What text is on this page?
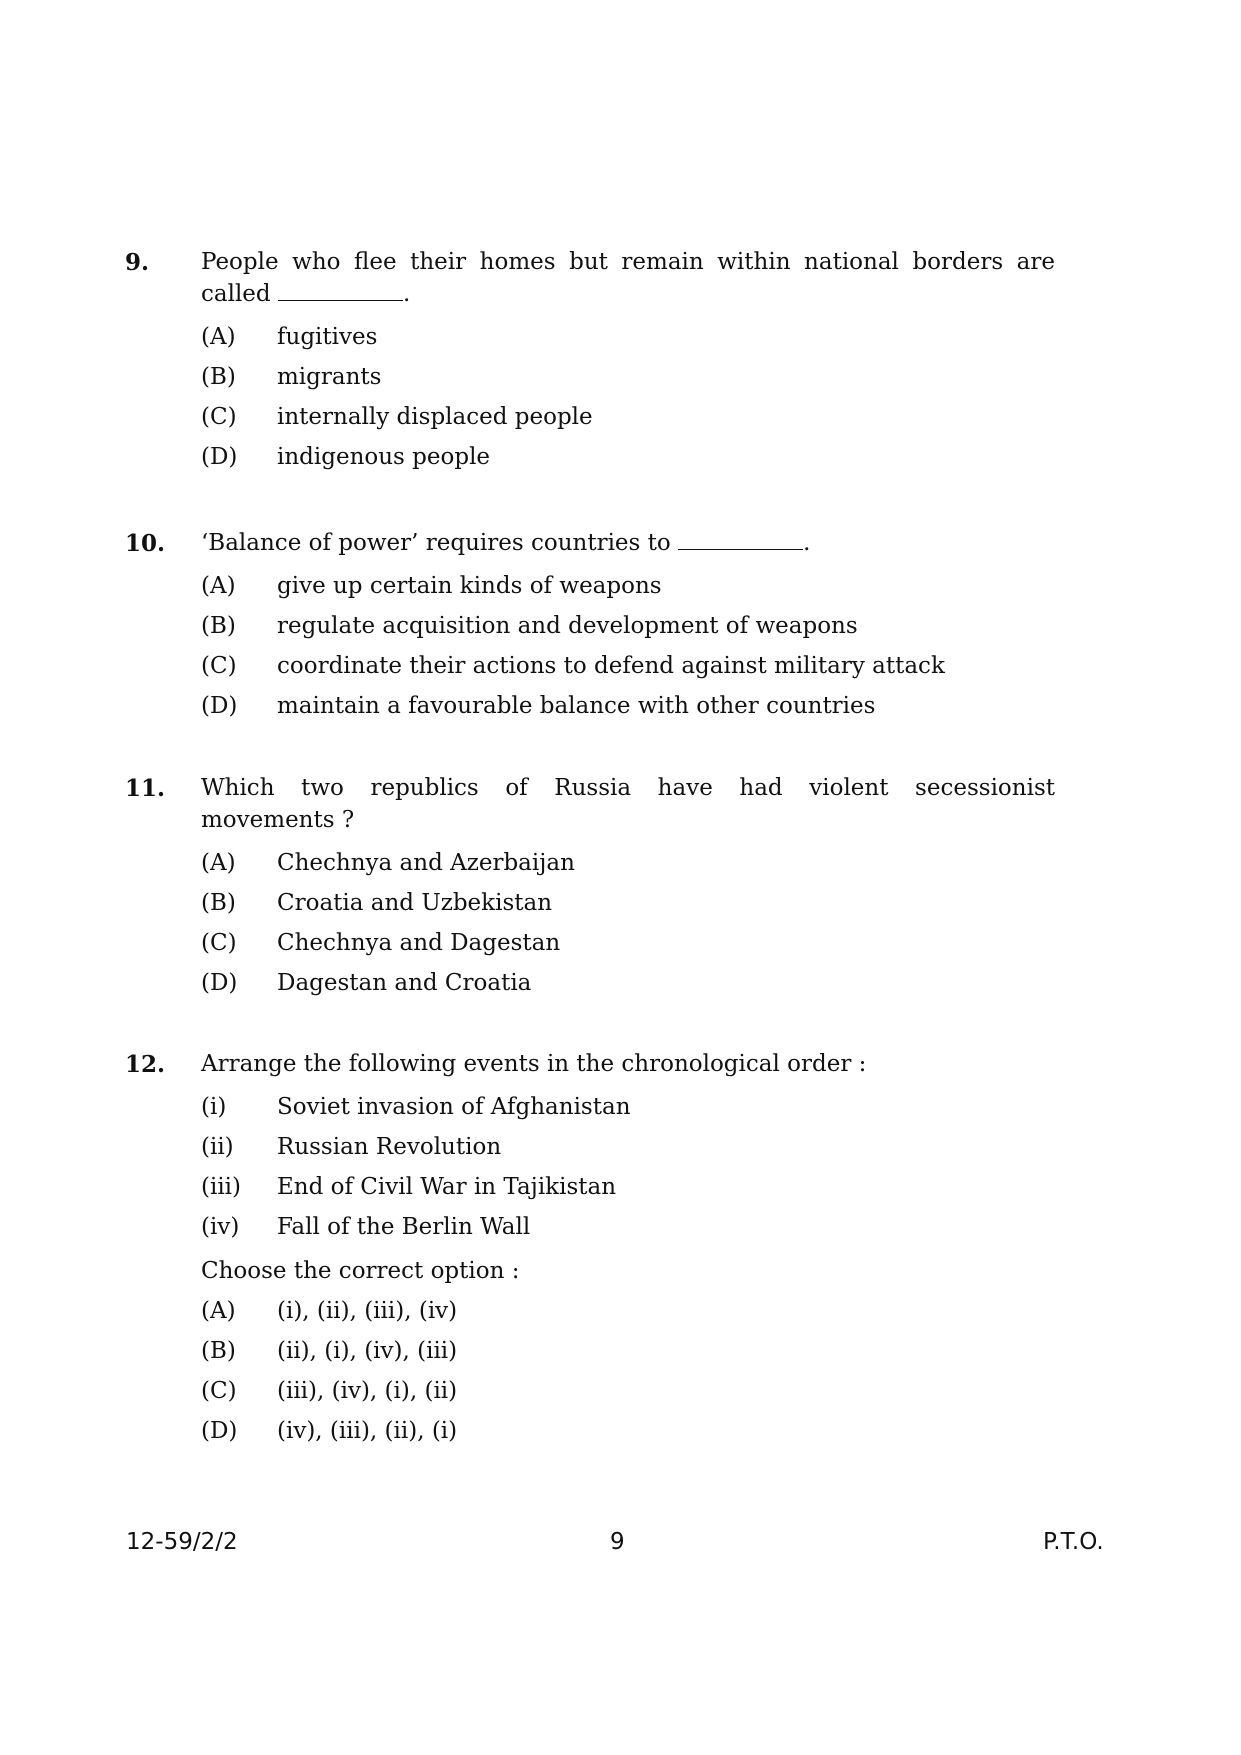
9. People who flee their homes but remain within national borders are
called	.
(A)	fugitives
(B)	migrants
(C)	internally displaced people
(D)	indigenous people
10. ‘Balance of power’ requires countries to	.
(A)	give up certain kinds of weapons
(B)	regulate acquisition and development of weapons
(C)	coordinate their actions to defend against military attack
(D)	maintain a favourable balance with other countries
11. Which two republics of Russia have had violent secessionist
movements ?
(A)	Chechnya and Azerbaijan
(B)	Croatia and Uzbekistan
(C)	Chechnya and Dagestan
(D)	Dagestan and Croatia
12. Arrange the following events in the chronological order :
(i)	Soviet invasion of Afghanistan
(ii)	Russian Revolution
(iii)	End of Civil War in Tajikistan
(iv)	Fall of the Berlin Wall
Choose the correct option :
(A)	(i), (ii), (iii), (iv)
(B)	(ii), (i), (iv), (iii)
(C)	(iii), (iv), (i), (ii)
(D)	(iv), (iii), (ii), (i)
12-59/2/2	9	P.T.O.
